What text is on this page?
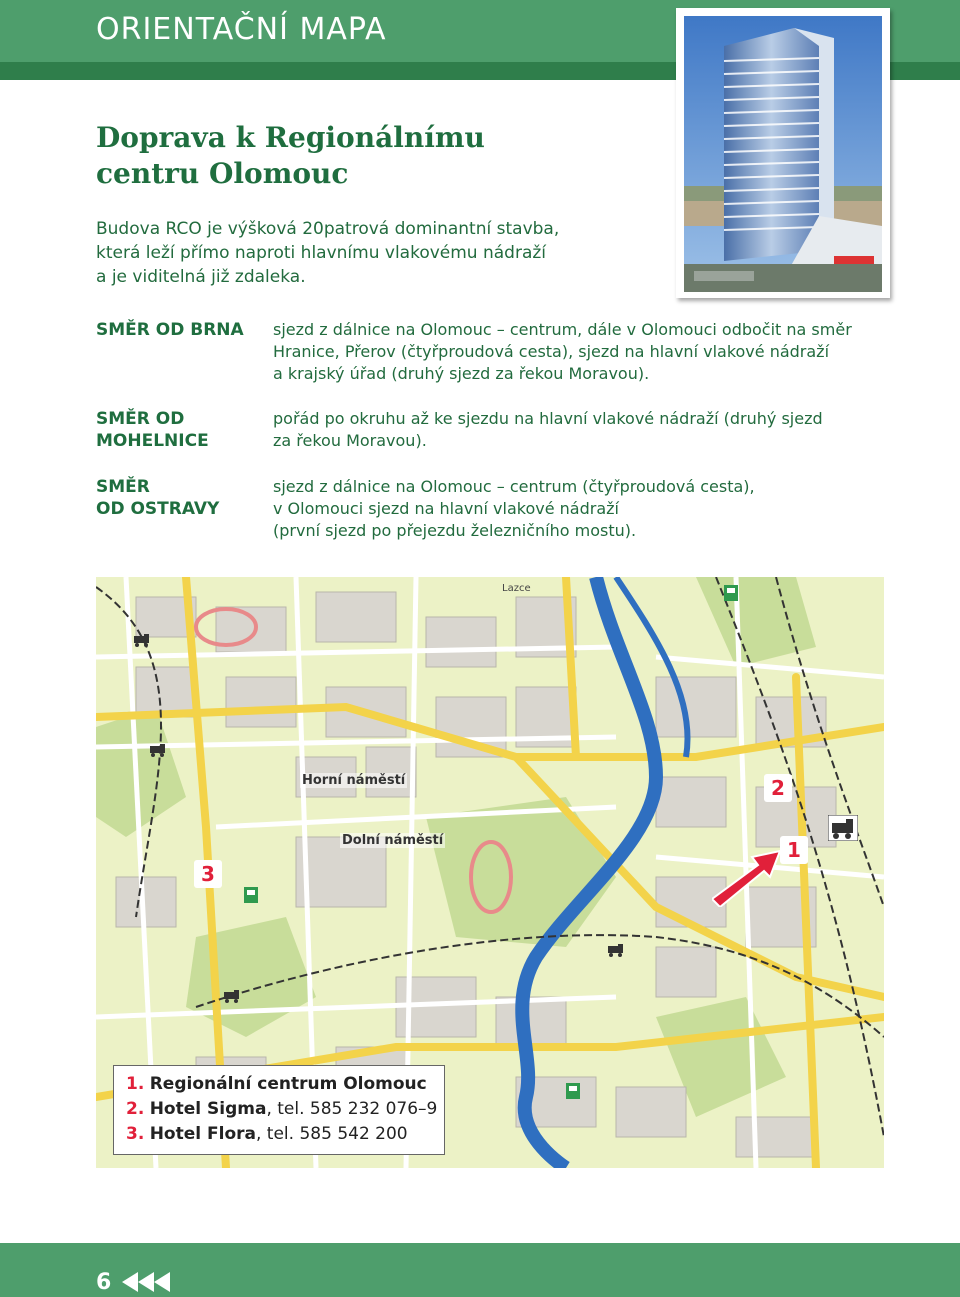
ORIENTAČNÍ MAPA
Doprava k Regionálnímu
centru Olomouc
Budova RCO je výšková 20patrová dominantní stavba,
která leží přímo naproti hlavnímu vlakovému nádraží
a je viditelná již zdaleka.
SMĚR OD BRNA	sjezd z dálnice na Olomouc – centrum, dále v Olomouci odbočit na směr
Hranice, Přerov (čtyřproudová cesta), sjezd na hlavní vlakové nádraží
a krajský úřad (druhý sjezd za řekou Moravou).
SMĚR OD
MOHELNICE
pořád po okruhu až ke sjezdu na hlavní vlakové nádraží (druhý sjezd
za řekou Moravou).
SMĚR
OD OSTRAVY
sjezd z dálnice na Olomouc – centrum (čtyřproudová cesta),
v Olomouci sjezd na hlavní vlakové nádraží
(první sjezd po přejezdu železničního mostu).
Lazce
Horní náměstí
Dolní náměstí
2
1
3
1. Regionální centrum Olomouc
2. Hotel Sigma, tel. 585 232 076–9
3. Hotel Flora, tel. 585 542 200
6
